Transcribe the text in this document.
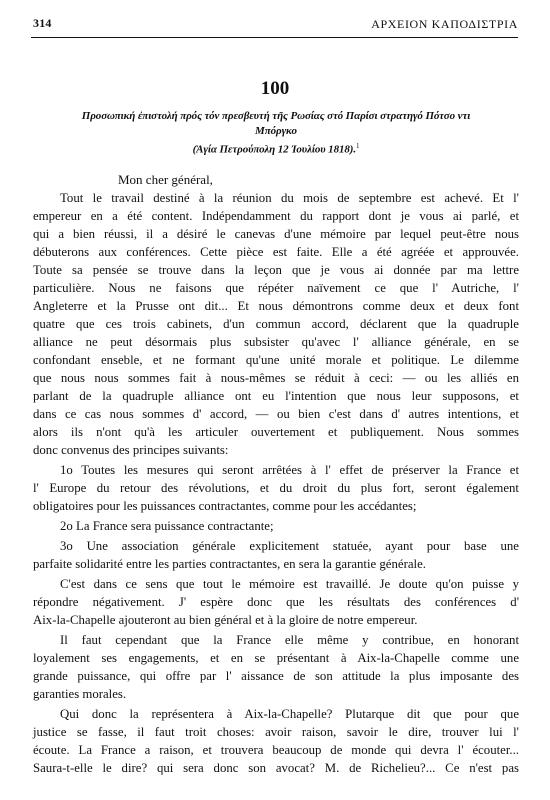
314	ΑΡΧΕΙΟΝ ΚΑΠΟΔΙΣΤΡΙΑ
100
Προσωπική ἐπιστολή πρός τόν πρεσβευτή τῆς Ρωσίας στό Παρίσι στρατηγό Πότσο ντι
Μπόργκο
(Ἁγία Πετρούπολη 12 Ἰουλίου 1818).$^1$
Mon cher général,
Tout le travail destiné à la réunion du mois de septembre est achevé. Et l'
empereur en a été content. Indépendamment du rapport dont je vous ai parlé, et
qui a bien réussi, il a désiré le canevas d'une mémoire par lequel peut-être nous
débuterons aux conférences. Cette pièce est faite. Elle a été agréée et approuvée.
Toute sa pensée se trouve dans la leçon que je vous ai donnée par ma lettre
particulière. Nous ne faisons que répéter naïvement ce que l' Autriche, l'
Angleterre et la Prusse ont dit... Et nous démontrons comme deux et deux font
quatre que ces trois cabinets, d'un commun accord, déclarent que la quadruple
alliance ne peut désormais plus subsister qu'avec l' alliance générale, en se
confondant enseble, et ne formant qu'une unité morale et politique. Le dilemme
que nous nous sommes fait à nous-mêmes se réduit à ceci: — ou les alliés en
parlant de la quadruple alliance ont eu l'intention que nous leur supposons, et
dans ce cas nous sommes d' accord, — ou bien c'est dans d' autres intentions, et
alors ils n'ont qu'à les articuler ouvertement et publiquement. Nous sommes
donc convenus des principes suivants:
1o Toutes les mesures qui seront arrêtées à l' effet de préserver la France et
l' Europe du retour des révolutions, et du droit du plus fort, seront également
obligatoires pour les puissances contractantes, comme pour les accédantes;
2o La France sera puissance contractante;
3o Une association générale explicitement statuée, ayant pour base une
parfaite solidarité entre les parties contractantes, en sera la garantie générale.
C'est dans ce sens que tout le mémoire est travaillé. Je doute qu'on puisse y
répondre négativement. J' espère donc que les résultats des conférences d'
Aix-la-Chapelle ajouteront au bien général et à la gloire de notre empereur.
Il faut cependant que la France elle même y contribue, en honorant
loyalement ses engagements, et en se présentant à Aix-la-Chapelle comme une
grande puissance, qui offre par l' aissance de son attitude la plus imposante des
garanties morales.
Qui donc la représentera à Aix-la-Chapelle? Plutarque dit que pour que
justice se fasse, il faut troit choses: avoir raison, savoir le dire, trouver lui l'
écoute. La France a raison, et trouvera beaucoup de monde qui devra l' écouter...
Saura-t-elle le dire? qui sera donc son avocat? M. de Richelieu?... Ce n'est pas
